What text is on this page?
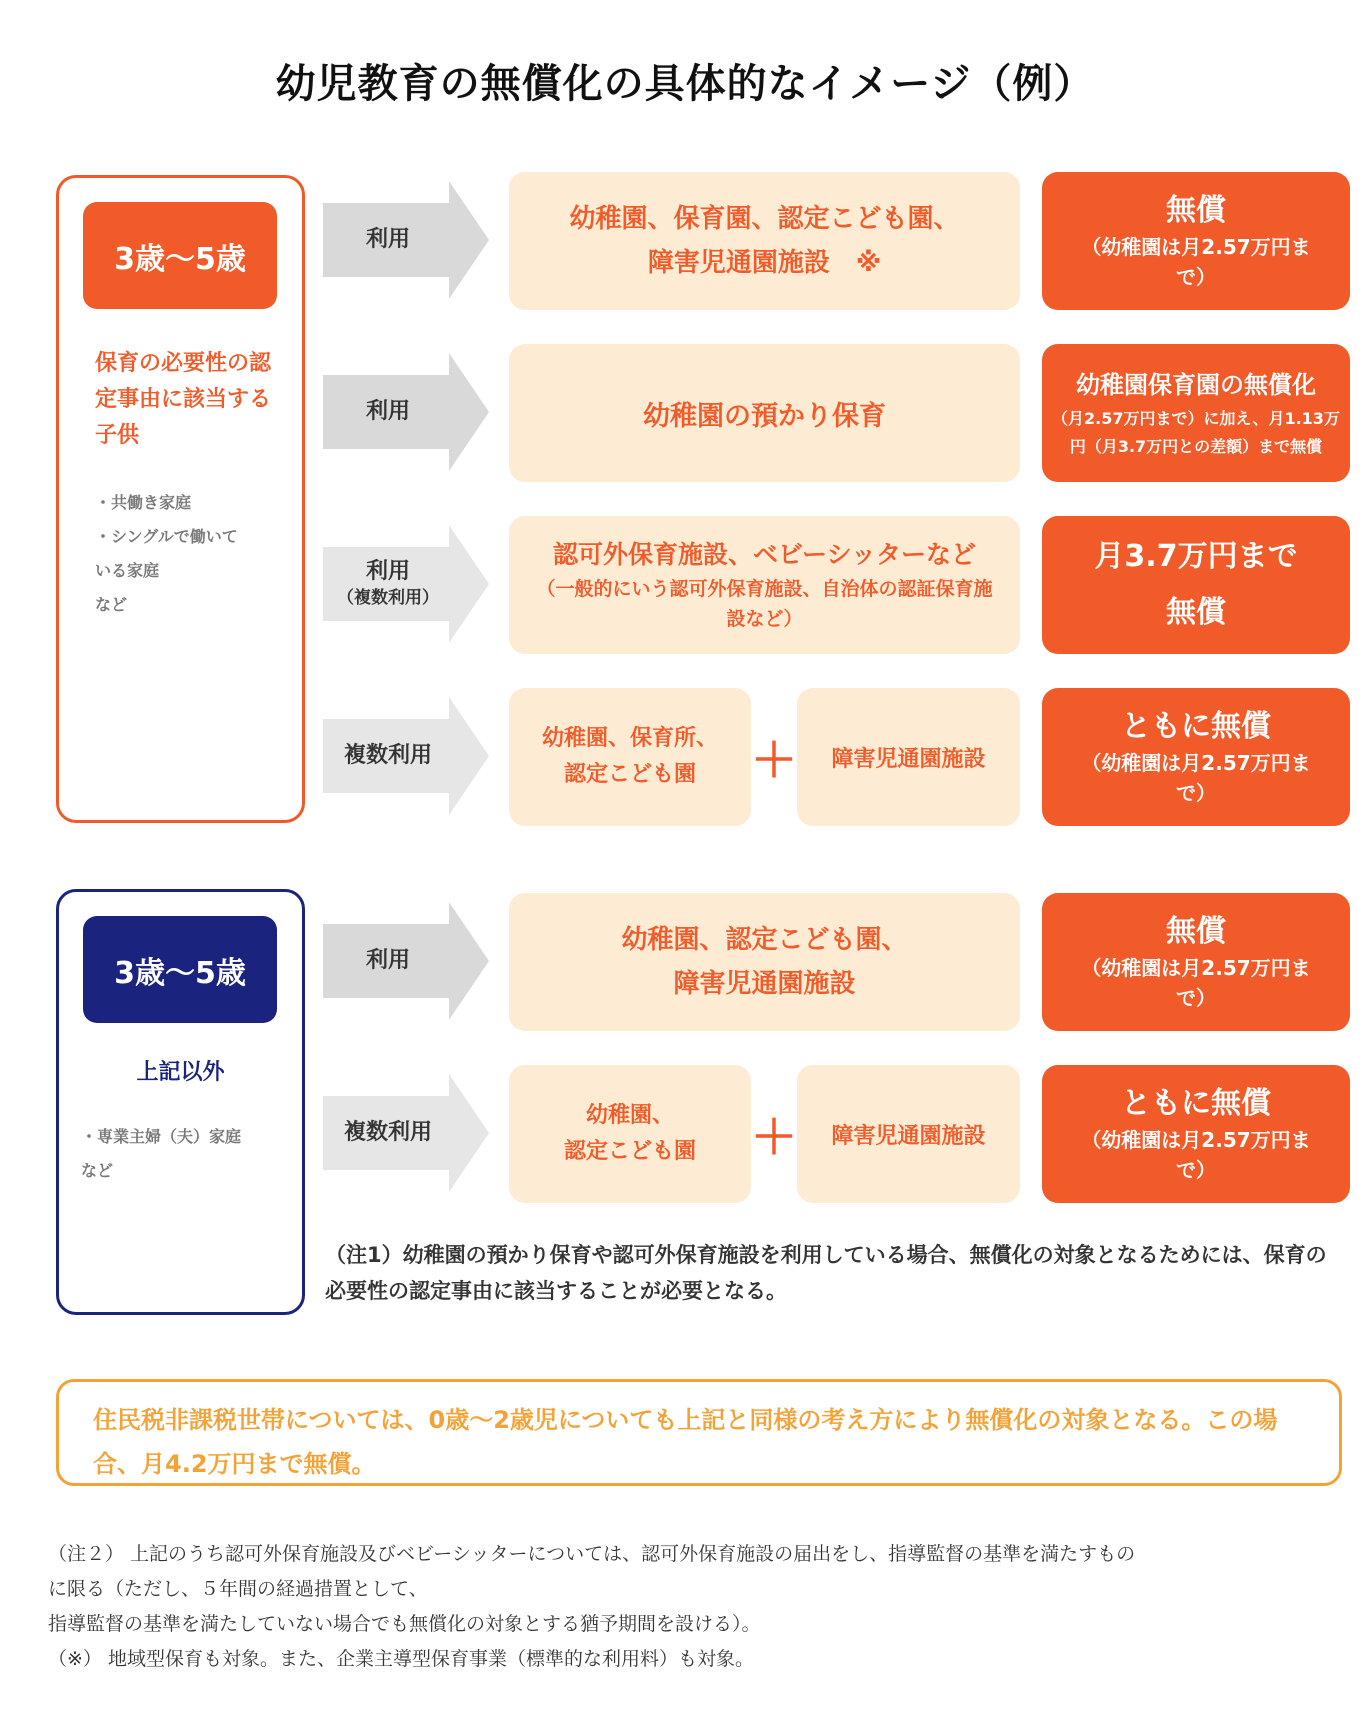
幼児教育の無償化の具体的なイメージ（例）
3歳〜5歳
保育の必要性の認定事由に該当する子供
・共働き家庭
・シングルで働いて
いる家庭
など
3歳〜5歳
上記以外
・専業主婦（夫）家庭
など
利用
幼稚園、保育園、認定こども園、
障害児通園施設　※
無償
（幼稚園は月2.57万円まで）
利用	幼稚園の預かり保育
幼稚園保育園の無償化
（月2.57万円まで）に加え、月1.13万円（月3.7万円との差額）まで無償
利用
（複数利用）
認可外保育施設、ベビーシッターなど
（一般的にいう認可外保育施設、自治体の認証保育施設など）
月3.7万円まで
無償
複数利用
幼稚園、保育所、
認定こども園	＋ 障害児通園施設
ともに無償
（幼稚園は月2.57万円まで）
利用
幼稚園、認定こども園、
障害児通園施設
無償
（幼稚園は月2.57万円まで）
複数利用
幼稚園、
認定こども園 ＋ 障害児通園施設
ともに無償
（幼稚園は月2.57万円まで）
（注1）幼稚園の預かり保育や認可外保育施設を利用している場合、無償化の対象となるためには、保育の必要性の認定事由に該当することが必要となる。
住民税非課税世帯については、0歳〜2歳児についても上記と同様の考え方により無償化の対象となる。この場合、月4.2万円まで無償。
（注２） 上記のうち認可外保育施設及びベビーシッターについては、認可外保育施設の届出をし、指導監督の基準を満たすもの
に限る（ただし、５年間の経過措置として、
指導監督の基準を満たしていない場合でも無償化の対象とする猶予期間を設ける）。
（※） 地域型保育も対象。また、企業主導型保育事業（標準的な利用料）も対象。
